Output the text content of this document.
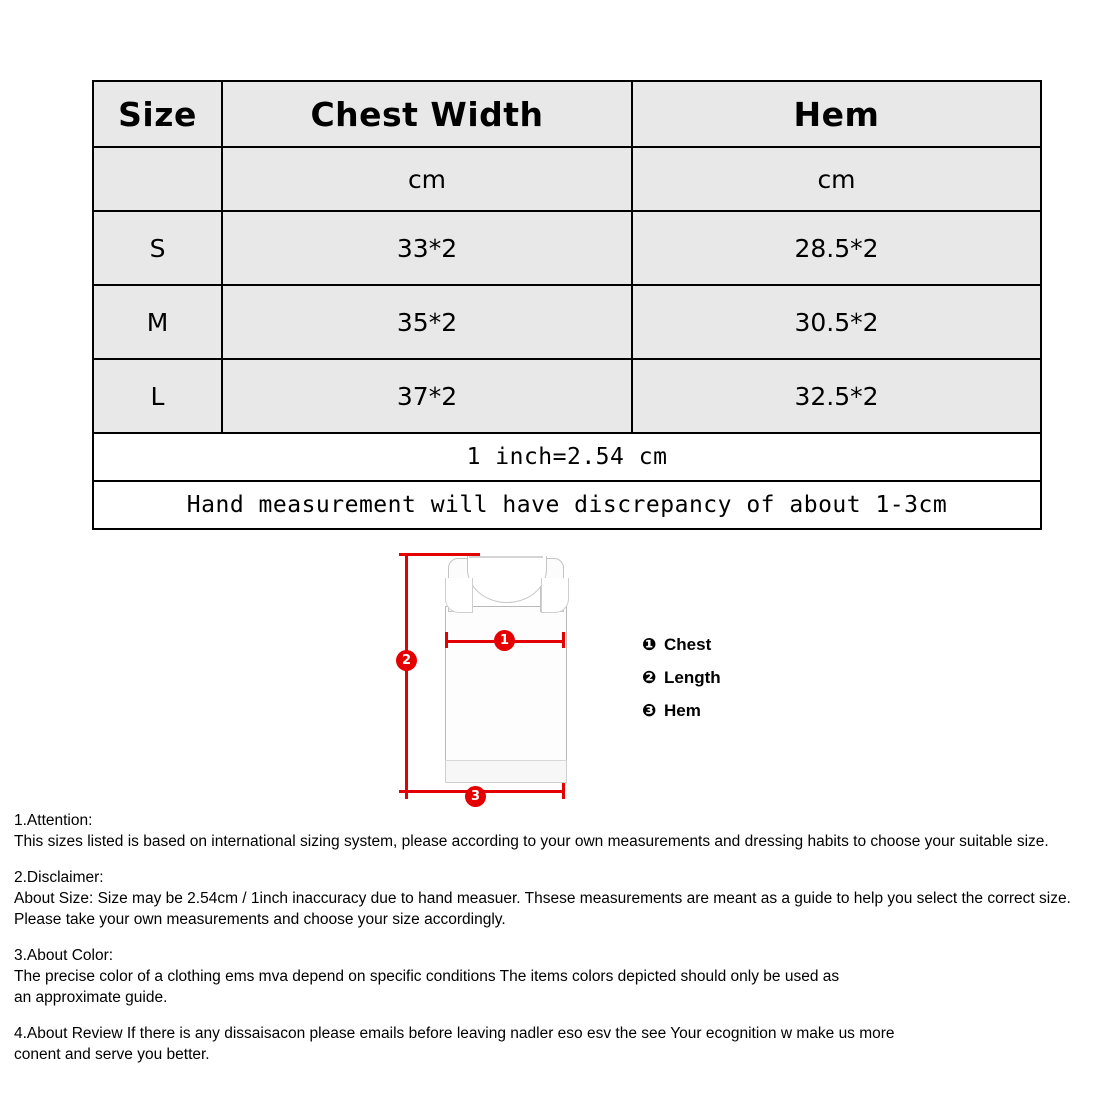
Size	Chest Width	Hem
	cm	cm
S	33*2	28.5*2
M	35*2	30.5*2
L	37*2	32.5*2
1 inch=2.54 cm		
Hand measurement will have discrepancy of about 1-3cm		
1
2
3
❶ Chest
❷ Length
❸ Hem

1.Attention:

This sizes listed is based on international sizing system, please according to your own measurements and dressing habits to choose your suitable size.

2.Disclaimer:

About Size: Size may be 2.54cm / 1inch inaccuracy due to hand measuer. Thsese measurements are meant as a guide to help you select the correct size.

Please take your own measurements and choose your size accordingly.

3.About Color:

The precise color of a clothing ems mva depend on specific conditions The items colors depicted should only be used as

an approximate guide.

4.About Review If there is any dissaisacon please emails before leaving nadler eso esv the see Your ecognition w make us more

conent and serve you better.
